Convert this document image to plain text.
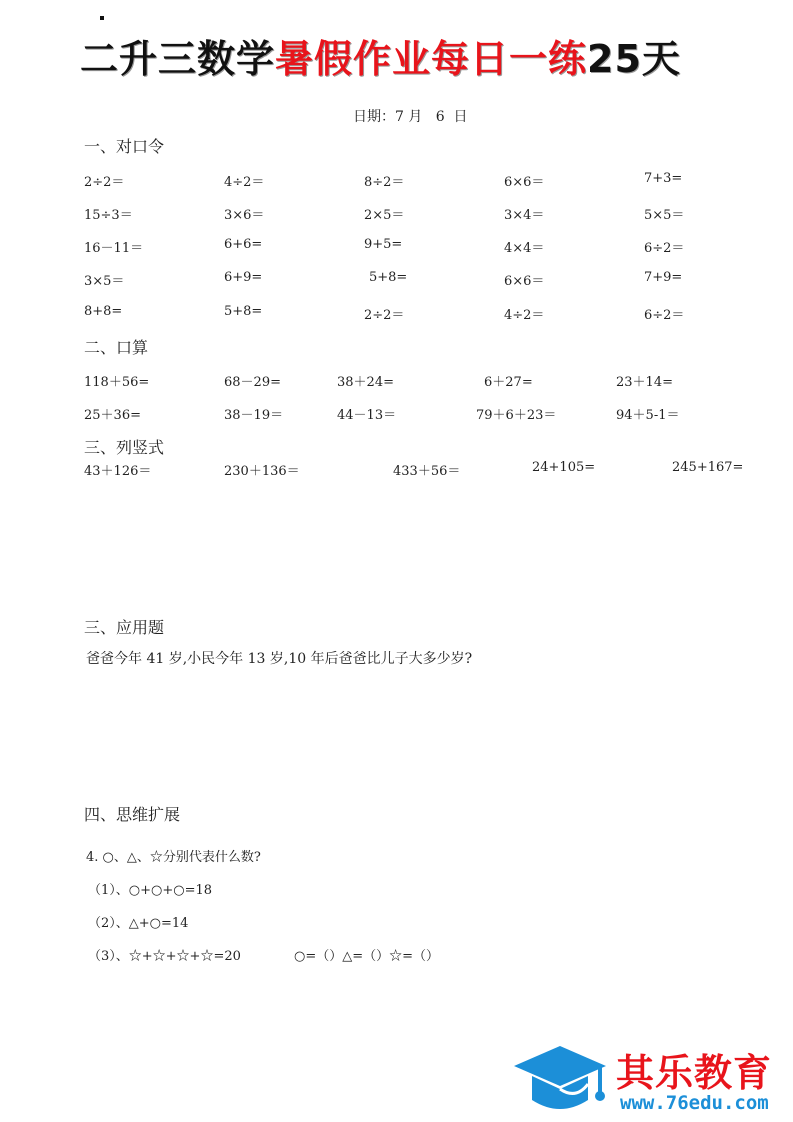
二升三数学暑假作业每日一练25天
日期：7 月   6  日
一、对口令
2÷2＝	4÷2＝	8÷2＝	6×6＝	7+3=
15÷3＝	3×6＝	2×5＝	3×4＝	5×5＝
16－11＝	6+6=	9+5=	4×4＝	6÷2＝
3×5＝	6+9=	5+8=	6×6＝	7+9=
8+8=	5+8=	2÷2＝	4÷2＝	6÷2＝
二、口算
118＋56=	68－29=	38＋24=	6＋27=	23＋14=
25＋36=	38－19＝	44－13＝	79＋6＋23＝	94＋5-1＝
三、列竖式
43＋126＝	230＋136＝	433＋56＝	24+105=	245+167=
三、应用题
爸爸今年 41 岁,小民今年 13 岁,10 年后爸爸比儿子大多少岁?
四、思维扩展
4. ○、△、☆分别代表什么数?
（1）、○+○+○=18
（2）、△+○=14
（3）、☆+☆+☆+☆=20	○=（）△=（）☆=（）
其乐教育
www.76edu.com
